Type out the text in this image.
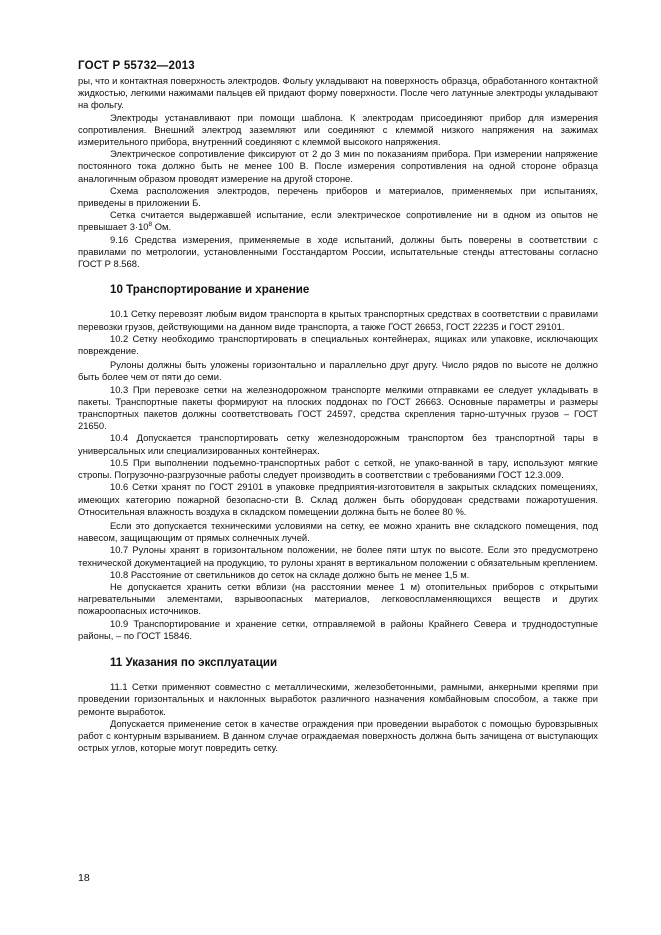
ГОСТ Р 55732—2013

ры, что и контактная поверхность электродов. Фольгу укладывают на поверхность образца, обработанного контактной жидкостью, легкими нажимами пальцев ей придают форму поверхности. После чего латунные электроды укладывают на фольгу.

Электроды устанавливают при помощи шаблона. К электродам присоединяют прибор для измерения сопротивления. Внешний электрод заземляют или соединяют с клеммой низкого напряжения на зажимах измерительного прибора, внутренний соединяют с клеммой высокого напряжения.

Электрическое сопротивление фиксируют от 2 до 3 мин по показаниям прибора. При измерении напряжение постоянного тока должно быть не менее 100 В. После измерения сопротивления на одной стороне образца аналогичным образом проводят измерение на другой стороне.

Схема расположения электродов, перечень приборов и материалов, применяемых при испытаниях, приведены в приложении Б.

Сетка считается выдержавшей испытание, если электрическое сопротивление ни в одном из опытов не превышает $3\cdot 10^8$ Ом.

9.16 Средства измерения, применяемые в ходе испытаний, должны быть поверены в соответствии с правилами по метрологии, установленными Госстандартом России, испытательные стенды аттестованы согласно ГОСТ Р 8.568.

10 Транспортирование и хранение

10.1 Сетку перевозят любым видом транспорта в крытых транспортных средствах в соответствии с правилами перевозки грузов, действующими на данном виде транспорта, а также ГОСТ 26653, ГОСТ 22235 и ГОСТ 29101.

10.2 Сетку необходимо транспортировать в специальных контейнерах, ящиках или упаковке, исключающих повреждение.

Рулоны должны быть уложены горизонтально и параллельно друг другу. Число рядов по высоте не должно быть более чем от пяти до семи.

10.3 При перевозке сетки на железнодорожном транспорте мелкими отправками ее следует укладывать в пакеты. Транспортные пакеты формируют на плоских поддонах по ГОСТ 26663. Основные параметры и размеры транспортных пакетов должны соответствовать ГОСТ 24597, средства скрепления тарно-штучных грузов – ГОСТ 21650.

10.4 Допускается транспортировать сетку железнодорожным транспортом без транспортной тары в универсальных или специализированных контейнерах.

10.5 При выполнении подъемно-транспортных работ с сеткой, не упако-ванной в тару, используют мягкие стропы. Погрузочно-разгрузочные работы следует производить в соответствии с требованиями ГОСТ 12.3.009.

10.6 Сетки хранят по ГОСТ 29101 в упаковке предприятия-изготовителя в закрытых складских помещениях, имеющих категорию пожарной безопасно-сти В. Склад должен быть оборудован средствами пожаротушения. Относительная влажность воздуха в складском помещении должна быть не более 80 %.

Если это допускается техническими условиями на сетку, ее можно хранить вне складского помещения, под навесом, защищающим от прямых солнечных лучей.

10.7 Рулоны хранят в горизонтальном положении, не более пяти штук по высоте. Если это предусмотрено технической документацией на продукцию, то рулоны хранят в вертикальном положении с обязательным креплением.

10.8 Расстояние от светильников до сеток на складе должно быть не менее 1,5 м.

Не допускается хранить сетки вблизи (на расстоянии менее 1 м) отопительных приборов с открытыми нагревательными элементами, взрывоопасных материалов, легковоспламеняющихся веществ и других пожароопасных источников.

10.9 Транспортирование и хранение сетки, отправляемой в районы Крайнего Севера и труднодоступные районы, – по ГОСТ 15846.

11 Указания по эксплуатации

11.1 Сетки применяют совместно с металлическими, железобетонными, рамными, анкерными крепями при проведении горизонтальных и наклонных выработок различного назначения комбайновым способом, а также при ремонте выработок.

Допускается применение сеток в качестве ограждения при проведении выработок с помощью буровзрывных работ с контурным взрыванием. В данном случае ограждаемая поверхность должна быть зачищена от выступающих острых углов, которые могут повредить сетку.

18
